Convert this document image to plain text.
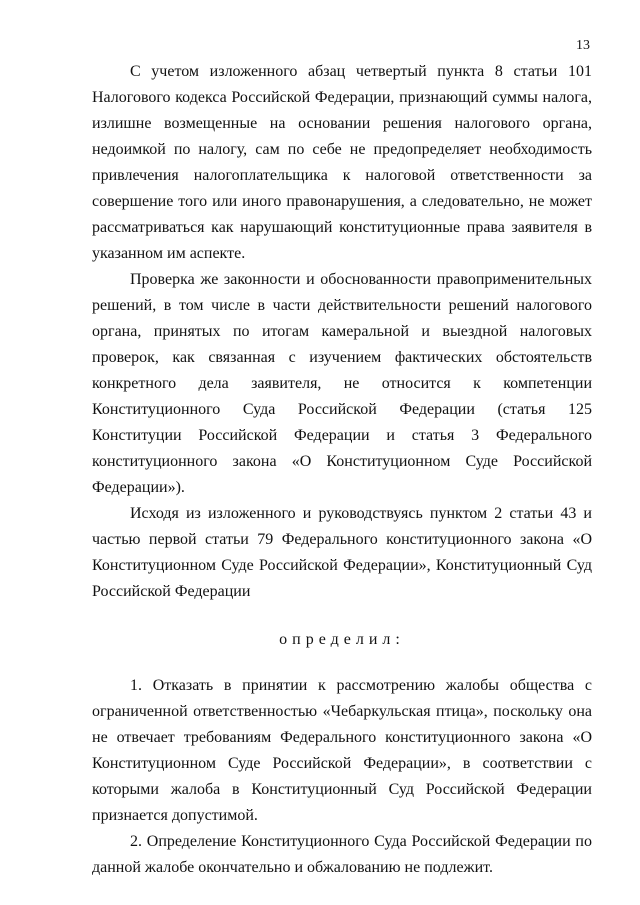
13

С учетом изложенного абзац четвертый пункта 8 статьи 101 Налогового кодекса Российской Федерации, признающий суммы налога, излишне возмещенные на основании решения налогового органа, недоимкой по налогу, сам по себе не предопределяет необходимость привлечения налогоплательщика к налоговой ответственности за совершение того или иного правонарушения, а следовательно, не может рассматриваться как нарушающий конституционные права заявителя в указанном им аспекте.

Проверка же законности и обоснованности правоприменительных решений, в том числе в части действительности решений налогового органа, принятых по итогам камеральной и выездной налоговых проверок, как связанная с изучением фактических обстоятельств конкретного дела заявителя, не относится к компетенции Конституционного Суда Российской Федерации (статья 125 Конституции Российской Федерации и статья 3 Федерального конституционного закона «О Конституционном Суде Российской Федерации»).

Исходя из изложенного и руководствуясь пунктом 2 статьи 43 и частью первой статьи 79 Федерального конституционного закона «О Конституционном Суде Российской Федерации», Конституционный Суд Российской Федерации

определил:

1. Отказать в принятии к рассмотрению жалобы общества с ограниченной ответственностью «Чебаркульская птица», поскольку она не отвечает требованиям Федерального конституционного закона «О Конституционном Суде Российской Федерации», в соответствии с которыми жалоба в Конституционный Суд Российской Федерации признается допустимой.

2. Определение Конституционного Суда Российской Федерации по данной жалобе окончательно и обжалованию не подлежит.
